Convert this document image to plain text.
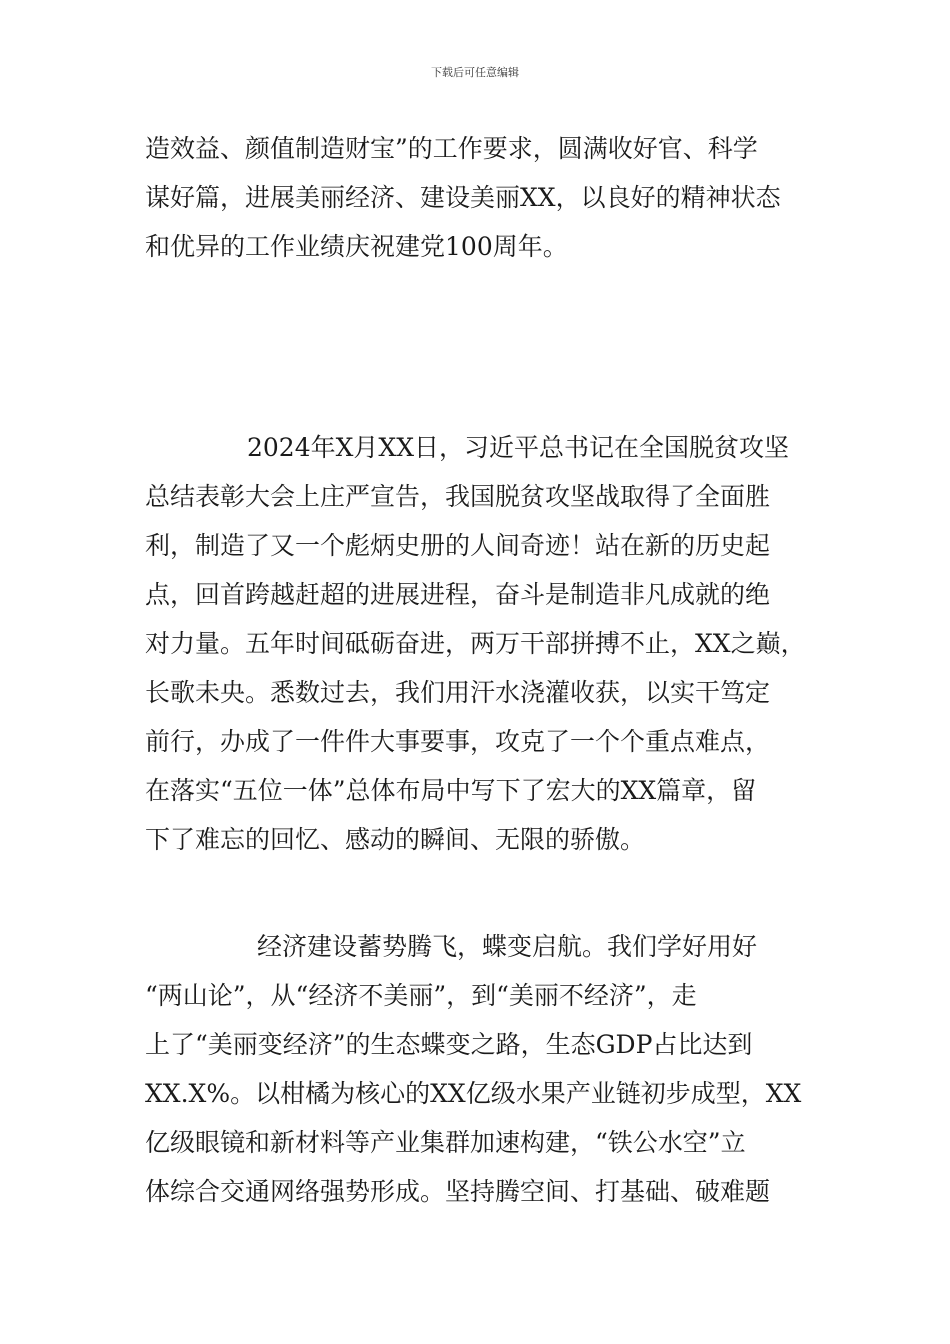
下载后可任意编辑
造效益、颜值制造财宝”的工作要求，圆满收好官、科学
谋好篇，进展美丽经济、建设美丽XX，以良好的精神状态
和优异的工作业绩庆祝建党100周年。
2024年X月XX日，习近平总书记在全国脱贫攻坚
总结表彰大会上庄严宣告，我国脱贫攻坚战取得了全面胜
利，制造了又一个彪炳史册的人间奇迹！站在新的历史起
点，回首跨越赶超的进展进程，奋斗是制造非凡成就的绝
对力量。五年时间砥砺奋进，两万干部拼搏不止，XX之巅，
长歌未央。悉数过去，我们用汗水浇灌收获，以实干笃定
前行，办成了一件件大事要事，攻克了一个个重点难点，
在落实“五位一体”总体布局中写下了宏大的XX篇章，留
下了难忘的回忆、感动的瞬间、无限的骄傲。
经济建设蓄势腾飞，蝶变启航。我们学好用好
“两山论”，从“经济不美丽”，到“美丽不经济”，走
上了“美丽变经济”的生态蝶变之路，生态GDP占比达到
XX.X%。以柑橘为核心的XX亿级水果产业链初步成型，XX
亿级眼镜和新材料等产业集群加速构建，“铁公水空”立
体综合交通网络强势形成。坚持腾空间、打基础、破难题
